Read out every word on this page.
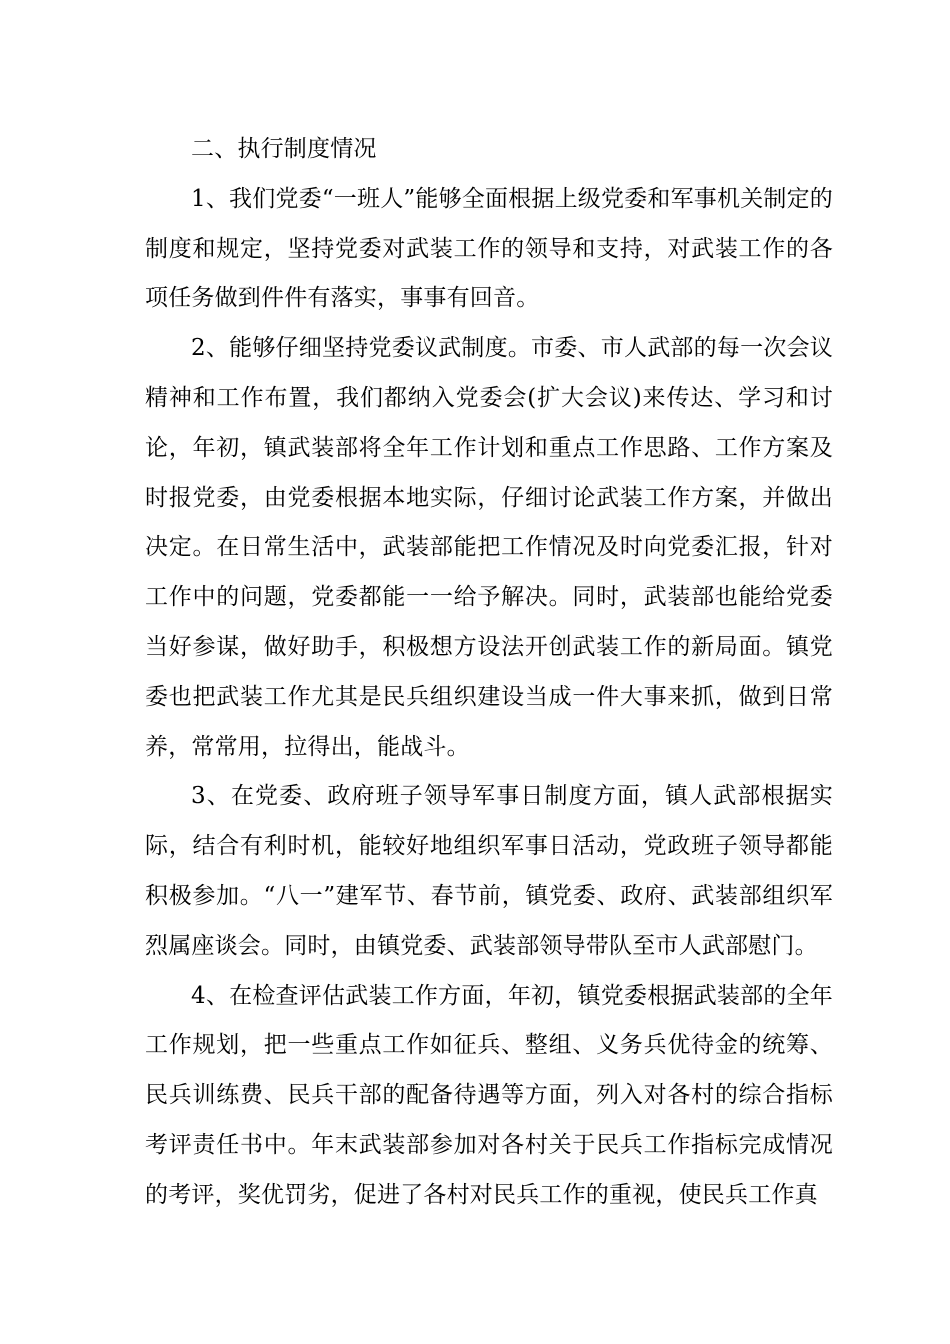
二、执行制度情况

1、我们党委“一班人”能够全面根据上级党委和军事机关制定的制度和规定，坚持党委对武装工作的领导和支持，对武装工作的各项任务做到件件有落实，事事有回音。

2、能够仔细坚持党委议武制度。市委、市人武部的每一次会议精神和工作布置，我们都纳入党委会(扩大会议)来传达、学习和讨论，年初，镇武装部将全年工作计划和重点工作思路、工作方案及时报党委，由党委根据本地实际，仔细讨论武装工作方案，并做出决定。在日常生活中，武装部能把工作情况及时向党委汇报，针对工作中的问题，党委都能一一给予解决。同时，武装部也能给党委当好参谋，做好助手，积极想方设法开创武装工作的新局面。镇党委也把武装工作尤其是民兵组织建设当成一件大事来抓，做到日常养，常常用，拉得出，能战斗。

3、在党委、政府班子领导军事日制度方面，镇人武部根据实际，结合有利时机，能较好地组织军事日活动，党政班子领导都能积极参加。“八一”建军节、春节前，镇党委、政府、武装部组织军烈属座谈会。同时，由镇党委、武装部领导带队至市人武部慰门。

4、在检查评估武装工作方面，年初，镇党委根据武装部的全年工作规划，把一些重点工作如征兵、整组、义务兵优待金的统筹、民兵训练费、民兵干部的配备待遇等方面，列入对各村的综合指标考评责任书中。年末武装部参加对各村关于民兵工作指标完成情况的考评，奖优罚劣，促进了各村对民兵工作的重视，使民兵工作真
